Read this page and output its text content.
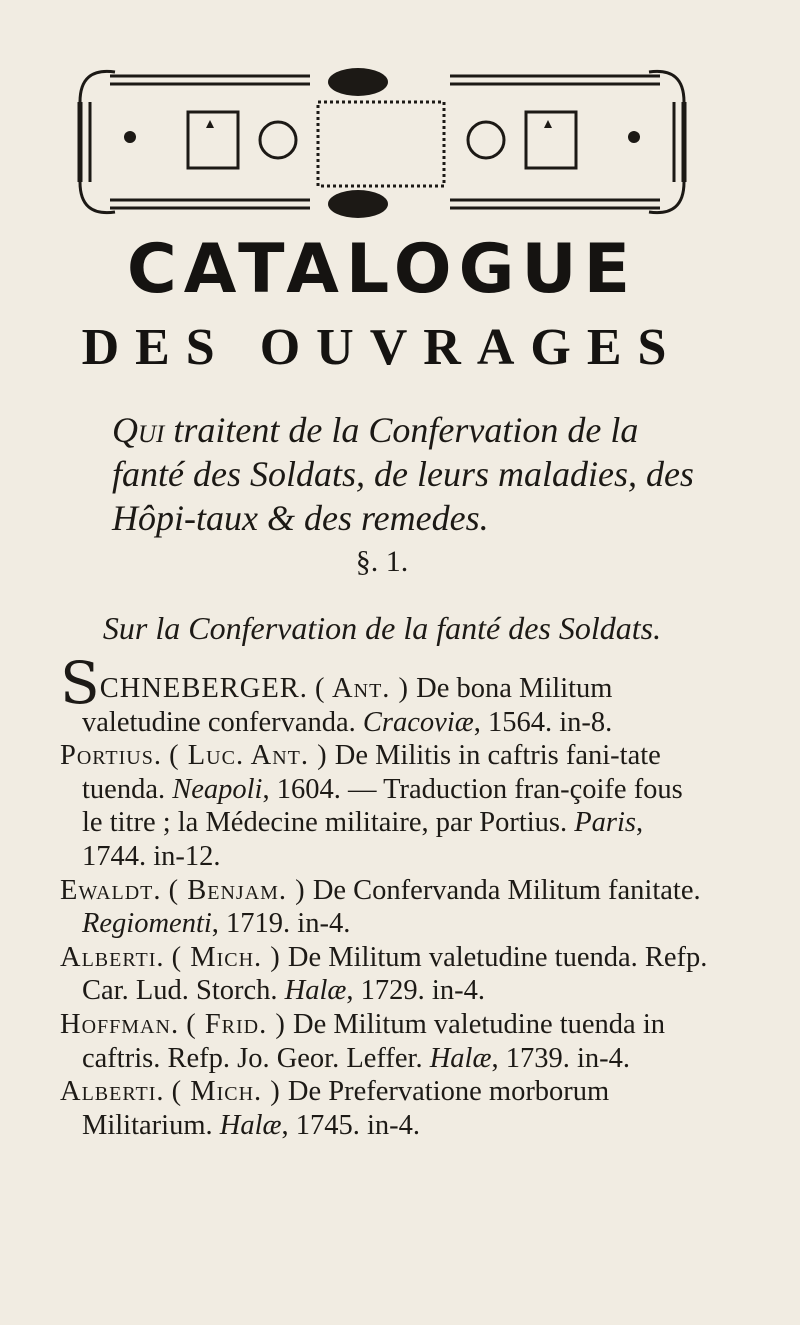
CATALOGUE
DES OUVRAGES
Qui traitent de la Confervation de la fanté des Soldats, de leurs maladies, des Hôpi-taux & des remedes.
§. 1.
Sur la Confervation de la fanté des Soldats.

SCHNEBERGER. ( Ant. ) De bona Militum
valetudine confervanda. Cracoviæ, 1564. in-8.

Portius. ( Luc. Ant. ) De Militis in caftris fani-tate tuenda. Neapoli, 1604. — Traduction fran-çoife fous le titre ; la Médecine militaire, par Portius. Paris, 1744. in-12.

Ewaldt. ( Benjam. ) De Confervanda Militum fanitate. Regiomenti, 1719. in-4.

Alberti. ( Mich. ) De Militum valetudine tuenda. Refp. Car. Lud. Storch. Halæ, 1729. in-4.

Hoffman. ( Frid. ) De Militum valetudine tuenda in caftris. Refp. Jo. Geor. Leffer. Halæ, 1739. in-4.

Alberti. ( Mich. ) De Prefervatione morborum Militarium. Halæ, 1745. in-4.
